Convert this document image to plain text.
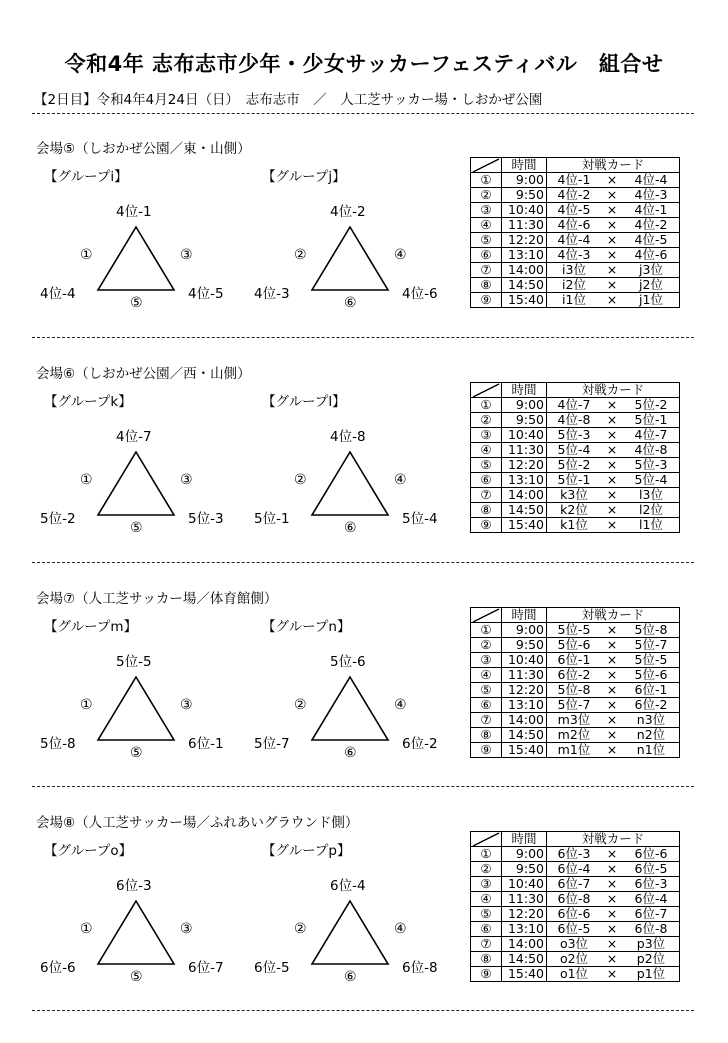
令和4年 志布志市少年・少女サッカーフェスティバル　組合せ
【2日目】令和4年4月24日（日）　志布志市　／　人工芝サッカー場・しおかぜ公園
会場⑤（しおかぜ公園／東・山側）
【グループi】
4位-1
4位-4	4位-5
①	③
⑤
【グループj】
4位-2
4位-3	4位-6
②	④
⑥
	時間	対戦カード		
①	9:00	4位-1	×	4位-4
②	9:50	4位-2	×	4位-3
③	10:40	4位-5	×	4位-1
④	11:30	4位-6	×	4位-2
⑤	12:20	4位-4	×	4位-5
⑥	13:10	4位-3	×	4位-6
⑦	14:00	i3位	×	j3位
⑧	14:50	i2位	×	j2位
⑨	15:40	i1位	×	j1位
会場⑥（しおかぜ公園／西・山側）
【グループk】
4位-7
5位-2	5位-3
①	③
⑤
【グループl】
4位-8
5位-1	5位-4
②	④
⑥
	時間	対戦カード		
①	9:00	4位-7	×	5位-2
②	9:50	4位-8	×	5位-1
③	10:40	5位-3	×	4位-7
④	11:30	5位-4	×	4位-8
⑤	12:20	5位-2	×	5位-3
⑥	13:10	5位-1	×	5位-4
⑦	14:00	k3位	×	l3位
⑧	14:50	k2位	×	l2位
⑨	15:40	k1位	×	l1位
会場⑦（人工芝サッカー場／体育館側）
【グループm】
5位-5
5位-8	6位-1
①	③
⑤
【グループn】
5位-6
5位-7	6位-2
②	④
⑥
	時間	対戦カード		
①	9:00	5位-5	×	5位-8
②	9:50	5位-6	×	5位-7
③	10:40	6位-1	×	5位-5
④	11:30	6位-2	×	5位-6
⑤	12:20	5位-8	×	6位-1
⑥	13:10	5位-7	×	6位-2
⑦	14:00	m3位	×	n3位
⑧	14:50	m2位	×	n2位
⑨	15:40	m1位	×	n1位
会場⑧（人工芝サッカー場／ふれあいグラウンド側）
【グループo】
6位-3
6位-6	6位-7
①	③
⑤
【グループp】
6位-4
6位-5	6位-8
②	④
⑥
	時間	対戦カード		
①	9:00	6位-3	×	6位-6
②	9:50	6位-4	×	6位-5
③	10:40	6位-7	×	6位-3
④	11:30	6位-8	×	6位-4
⑤	12:20	6位-6	×	6位-7
⑥	13:10	6位-5	×	6位-8
⑦	14:00	o3位	×	p3位
⑧	14:50	o2位	×	p2位
⑨	15:40	o1位	×	p1位
